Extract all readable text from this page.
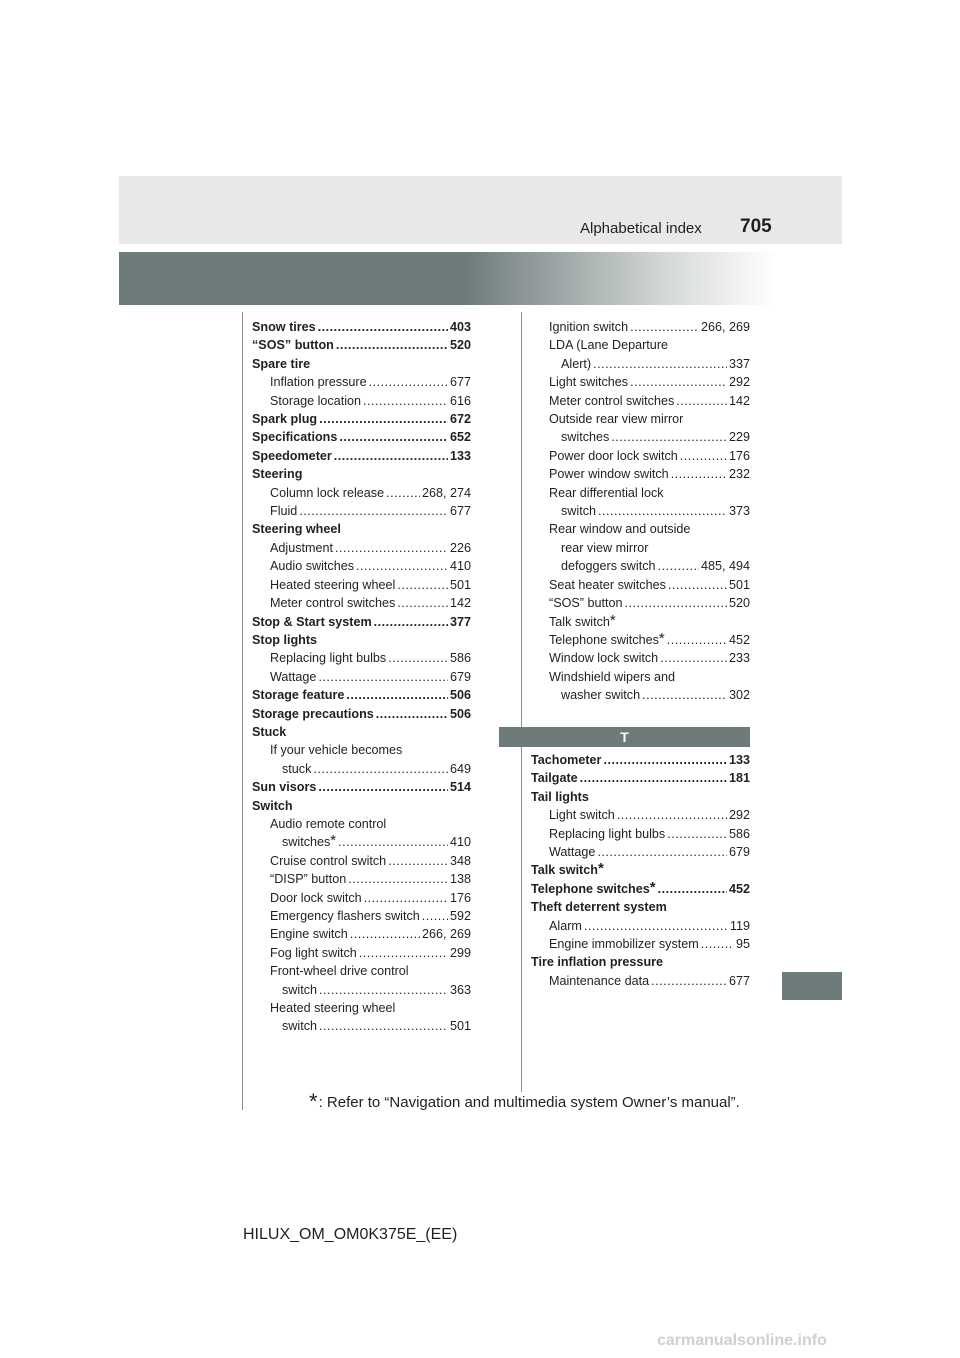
Alphabetical index 705
Snow tires .....	403
“SOS” button .....	520
Spare tire
Inflation pressure .....	677
Storage location .....	616
Spark plug .....	672
Specifications .....	652
Speedometer .....	133
Steering
Column lock release .....	268, 274
Fluid .....	677
Steering wheel
Adjustment .....	226
Audio switches .....	410
Heated steering wheel .....	501
Meter control switches .....	142
Stop & Start system .....	377
Stop lights
Replacing light bulbs .....	586
Wattage .....	679
Storage feature .....	506
Storage precautions .....	506
Stuck
If your vehicle becomes
stuck .....	649
Sun visors .....	514
Switch
Audio remote control
switches* .....	410
Cruise control switch .....	348
“DISP” button .....	138
Door lock switch .....	176
Emergency flashers switch ..... 592
Engine switch .....	266, 269
Fog light switch .....	299
Front-wheel drive control
switch .....	363
Heated steering wheel
switch .....	501
Ignition switch .....	266, 269
LDA (Lane Departure
Alert) .....	337
Light switches .....	292
Meter control switches .....	142
Outside rear view mirror
switches .....	229
Power door lock switch .....	176
Power window switch .....	232
Rear differential lock
switch .....	373
Rear window and outside
rear view mirror
defoggers switch .....	485, 494
Seat heater switches .....	501
“SOS” button .....	520
Talk switch*
Telephone switches* .....	452
Window lock switch .....	233
Windshield wipers and
washer switch .....	302
T
Tachometer .....	133
Tailgate .....	181
Tail lights
Light switch .....	292
Replacing light bulbs .....	586
Wattage .....	679
Talk switch*
Telephone switches* .....	452
Theft deterrent system
Alarm .....	119
Engine immobilizer system .....	95
Tire inflation pressure
Maintenance data .....	677
*: Refer to “Navigation and multimedia system Owner’s manual”.
HILUX_OM_OM0K375E_(EE)
carmanualsonline.info
